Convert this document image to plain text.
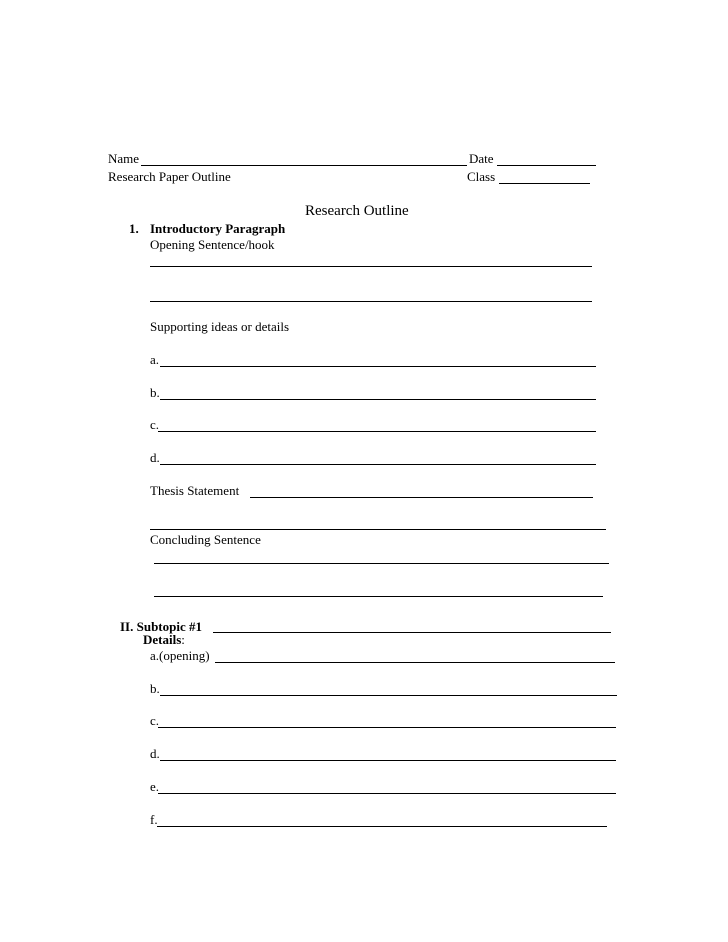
Name	Date
Research Paper Outline	Class
Research Outline
1. Introductory Paragraph
Opening Sentence/hook
Supporting ideas or details
a.
b.
c.
d.
Thesis Statement
Concluding Sentence
II. Subtopic #1
Details:
a.(opening)
b.
c.
d.
e.
f.
